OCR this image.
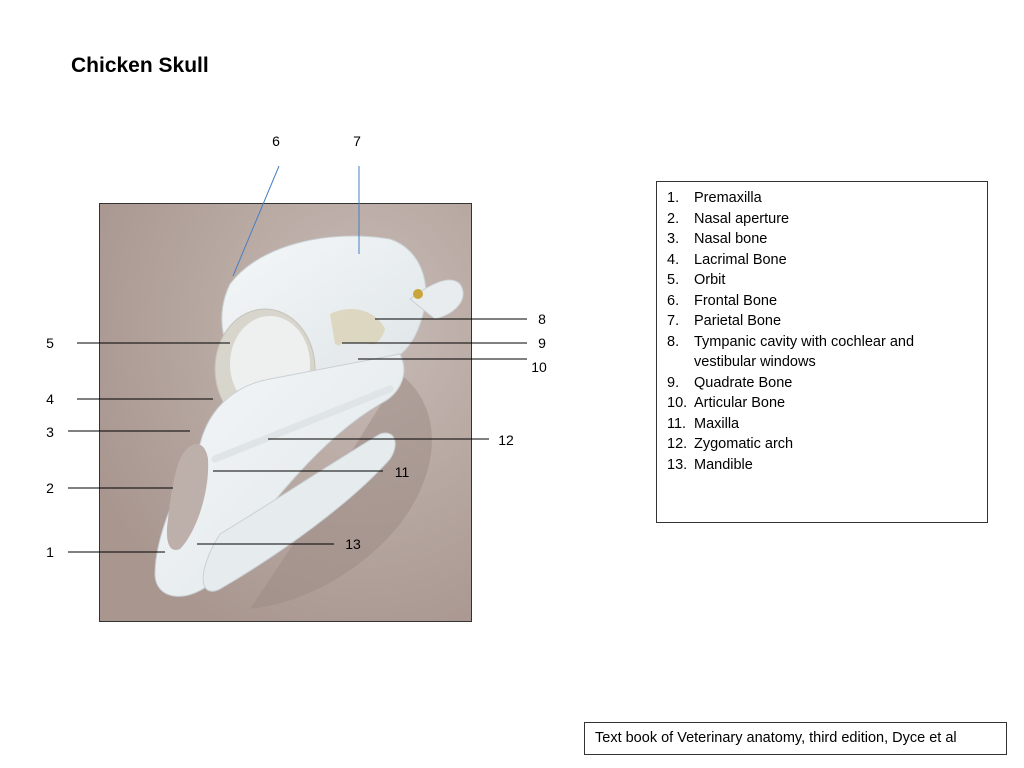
Chicken Skull
6	7
5
4
3
2
1
8
9
10
12
11
13
1.	Premaxilla
2.	Nasal aperture
3.	Nasal bone
4.	Lacrimal Bone
5.	Orbit
6.	Frontal Bone
7.	Parietal Bone
8.	Tympanic cavity with cochlear and vestibular windows
9.	Quadrate Bone
10. Articular Bone
11. Maxilla
12. Zygomatic arch
13. Mandible
Text book of Veterinary anatomy, third edition, Dyce et al
